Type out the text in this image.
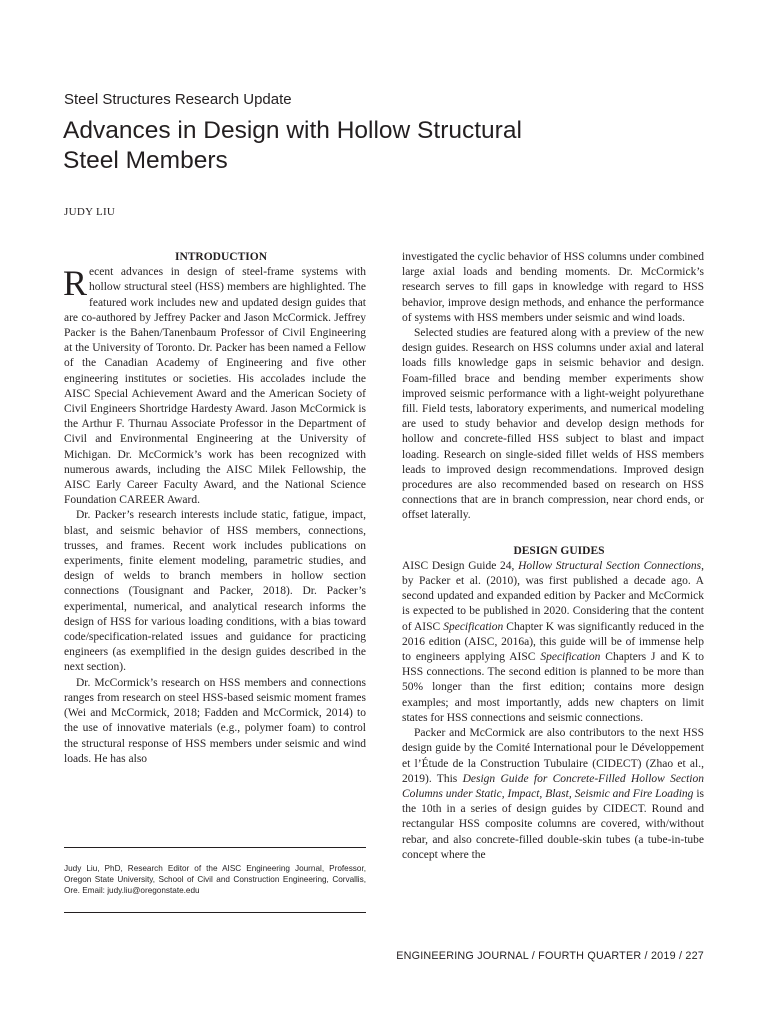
Steel Structures Research Update

Advances in Design with Hollow Structural Steel Members

JUDY LIU

INTRODUCTION

Recent advances in design of steel-frame systems with hollow structural steel (HSS) members are highlighted. The featured work includes new and updated design guides that are co-authored by Jeffrey Packer and Jason McCormick. Jeffrey Packer is the Bahen/Tanenbaum Professor of Civil Engineering at the University of Toronto. Dr. Packer has been named a Fellow of the Canadian Academy of Engineering and five other engineering institutes or societies. His accolades include the AISC Special Achievement Award and the American Society of Civil Engineers Shortridge Hardesty Award. Jason McCormick is the Arthur F. Thurnau Associate Professor in the Department of Civil and Environmental Engineering at the University of Michigan. Dr. McCormick’s work has been recognized with numerous awards, including the AISC Milek Fellowship, the AISC Early Career Faculty Award, and the National Science Foundation CAREER Award.

Dr. Packer’s research interests include static, fatigue, impact, blast, and seismic behavior of HSS members, connections, trusses, and frames. Recent work includes publications on experiments, finite element modeling, parametric studies, and design of welds to branch members in hollow section connections (Tousignant and Packer, 2018). Dr. Packer’s experimental, numerical, and analytical research informs the design of HSS for various loading conditions, with a bias toward code/specification-related issues and guidance for practicing engineers (as exemplified in the design guides described in the next section).

Dr. McCormick’s research on HSS members and connections ranges from research on steel HSS-based seismic moment frames (Wei and McCormick, 2018; Fadden and McCormick, 2014) to the use of innovative materials (e.g., polymer foam) to control the structural response of HSS members under seismic and wind loads. He has also

Judy Liu, PhD, Research Editor of the AISC Engineering Journal, Professor, Oregon State University, School of Civil and Construction Engineering, Corvallis, Ore. Email: judy.liu@oregonstate.edu

investigated the cyclic behavior of HSS columns under combined large axial loads and bending moments. Dr. McCormick’s research serves to fill gaps in knowledge with regard to HSS behavior, improve design methods, and enhance the performance of systems with HSS members under seismic and wind loads.

Selected studies are featured along with a preview of the new design guides. Research on HSS columns under axial and lateral loads fills knowledge gaps in seismic behavior and design. Foam-filled brace and bending member experiments show improved seismic performance with a light-weight polyurethane fill. Field tests, laboratory experiments, and numerical modeling are used to study behavior and develop design methods for hollow and concrete-filled HSS subject to blast and impact loading. Research on single-sided fillet welds of HSS members leads to improved design recommendations. Improved design procedures are also recommended based on research on HSS connections that are in branch compression, near chord ends, or offset laterally.

DESIGN GUIDES

AISC Design Guide 24, Hollow Structural Section Connections, by Packer et al. (2010), was first published a decade ago. A second updated and expanded edition by Packer and McCormick is expected to be published in 2020. Considering that the content of AISC Specification Chapter K was significantly reduced in the 2016 edition (AISC, 2016a), this guide will be of immense help to engineers applying AISC Specification Chapters J and K to HSS connections. The second edition is planned to be more than 50% longer than the first edition; contains more design examples; and most importantly, adds new chapters on limit states for HSS connections and seismic connections.

Packer and McCormick are also contributors to the next HSS design guide by the Comité International pour le Développement et l’Étude de la Construction Tubulaire (CIDECT) (Zhao et al., 2019). This Design Guide for Concrete-Filled Hollow Section Columns under Static, Impact, Blast, Seismic and Fire Loading is the 10th in a series of design guides by CIDECT. Round and rectangular HSS composite columns are covered, with/without rebar, and also concrete-filled double-skin tubes (a tube-in-tube concept where the

ENGINEERING JOURNAL / FOURTH QUARTER / 2019 / 227
